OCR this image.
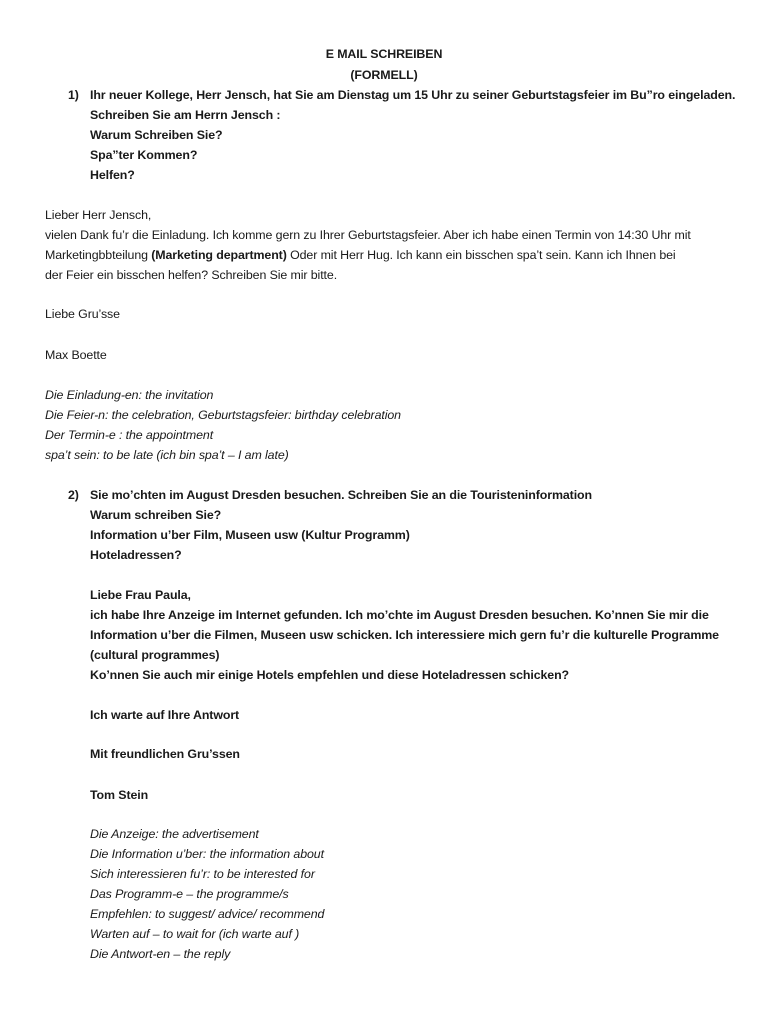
E MAIL SCHREIBEN
(FORMELL)
1) Ihr neuer Kollege, Herr Jensch, hat Sie am Dienstag um 15 Uhr zu seiner Geburtstagsfeier im Bu”ro eingeladen.
Schreiben Sie am Herrn Jensch :
Warum Schreiben Sie?
Spa”ter Kommen?
Helfen?
Lieber Herr Jensch,
vielen Dank fu’r die Einladung. Ich komme gern zu Ihrer Geburtstagsfeier. Aber ich habe einen Termin von 14:30 Uhr mit
Marketingbbteilung (Marketing department) Oder mit Herr Hug. Ich kann ein bisschen spa’t sein. Kann ich Ihnen bei
der Feier ein bisschen helfen? Schreiben Sie mir bitte.
Liebe Gru’sse
Max Boette
Die Einladung-en: the invitation
Die Feier-n: the celebration, Geburtstagsfeier: birthday celebration
Der Termin-e : the appointment
spa’t sein: to be late (ich bin spa’t – I am late)
2) Sie mo’chten im August Dresden besuchen. Schreiben Sie an die Touristeninformation
Warum schreiben Sie?
Information u’ber Film, Museen usw (Kultur Programm)
Hoteladressen?
Liebe Frau Paula,
ich habe Ihre Anzeige im Internet gefunden. Ich mo’chte im August Dresden besuchen. Ko’nnen Sie mir die
Information u’ber die Filmen, Museen usw schicken. Ich interessiere mich gern fu’r die kulturelle Programme
(cultural programmes)
Ko’nnen Sie auch mir einige Hotels empfehlen und diese Hoteladressen schicken?
Ich warte auf Ihre Antwort
Mit freundlichen Gru’ssen
Tom Stein
Die Anzeige: the advertisement
Die Information u’ber: the information about
Sich interessieren fu’r: to be interested for
Das Programm-e – the programme/s
Empfehlen: to suggest/ advice/ recommend
Warten auf – to wait for (ich warte auf )
Die Antwort-en – the reply
